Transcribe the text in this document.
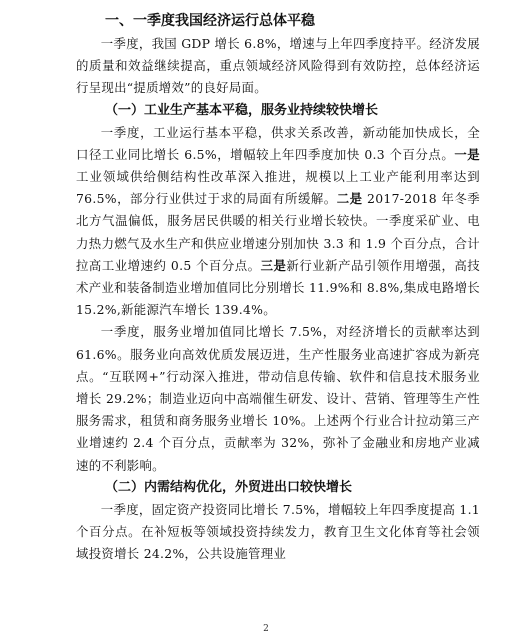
一、一季度我国经济运行总体平稳

一季度，我国 GDP 增长 6.8%，增速与上年四季度持平。经济发展的质量和效益继续提高，重点领域经济风险得到有效防控，总体经济运行呈现出“提质增效”的良好局面。

（一）工业生产基本平稳，服务业持续较快增长

一季度，工业运行基本平稳，供求关系改善，新动能加快成长，全口径工业同比增长 6.5%，增幅较上年四季度加快 0.3 个百分点。一是工业领域供给侧结构性改革深入推进，规模以上工业产能利用率达到 76.5%，部分行业供过于求的局面有所缓解。二是 2017-2018 年冬季北方气温偏低，服务居民供暖的相关行业增长较快。一季度采矿业、电力热力燃气及水生产和供应业增速分别加快 3.3 和 1.9 个百分点，合计拉高工业增速约 0.5 个百分点。三是新行业新产品引领作用增强，高技术产业和装备制造业增加值同比分别增长 11.9%和 8.8%,集成电路增长 15.2%,新能源汽车增长 139.4%。

一季度，服务业增加值同比增长 7.5%，对经济增长的贡献率达到 61.6%。服务业向高效优质发展迈进，生产性服务业高速扩容成为新亮点。“互联网+”行动深入推进，带动信息传输、软件和信息技术服务业增长 29.2%；制造业迈向中高端催生研发、设计、营销、管理等生产性服务需求，租赁和商务服务业增长 10%。上述两个行业合计拉动第三产业增速约 2.4 个百分点，贡献率为 32%，弥补了金融业和房地产业减速的不利影响。

（二）内需结构优化，外贸进出口较快增长

一季度，固定资产投资同比增长 7.5%，增幅较上年四季度提高 1.1 个百分点。在补短板等领域投资持续发力，教育卫生文化体育等社会领域投资增长 24.2%，公共设施管理业

2
